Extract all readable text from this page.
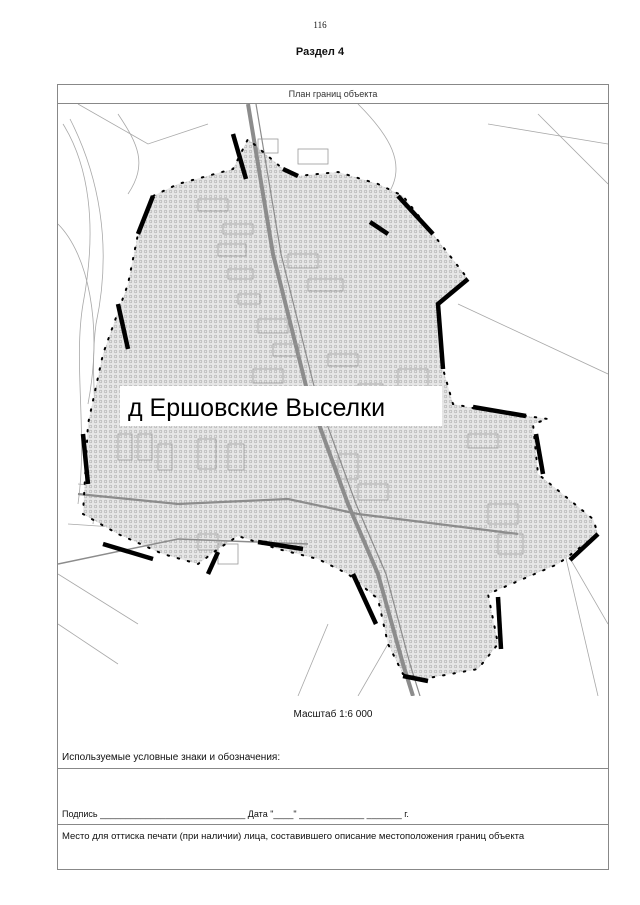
116
Раздел 4
План границ объекта
д Ершовские Выселки
Масштаб 1:6 000
Используемые условные знаки и обозначения:
Подпись _____________________________ Дата "____" _____________ _______ г.
Место для оттиска печати (при наличии) лица, составившего описание местоположения границ объекта
